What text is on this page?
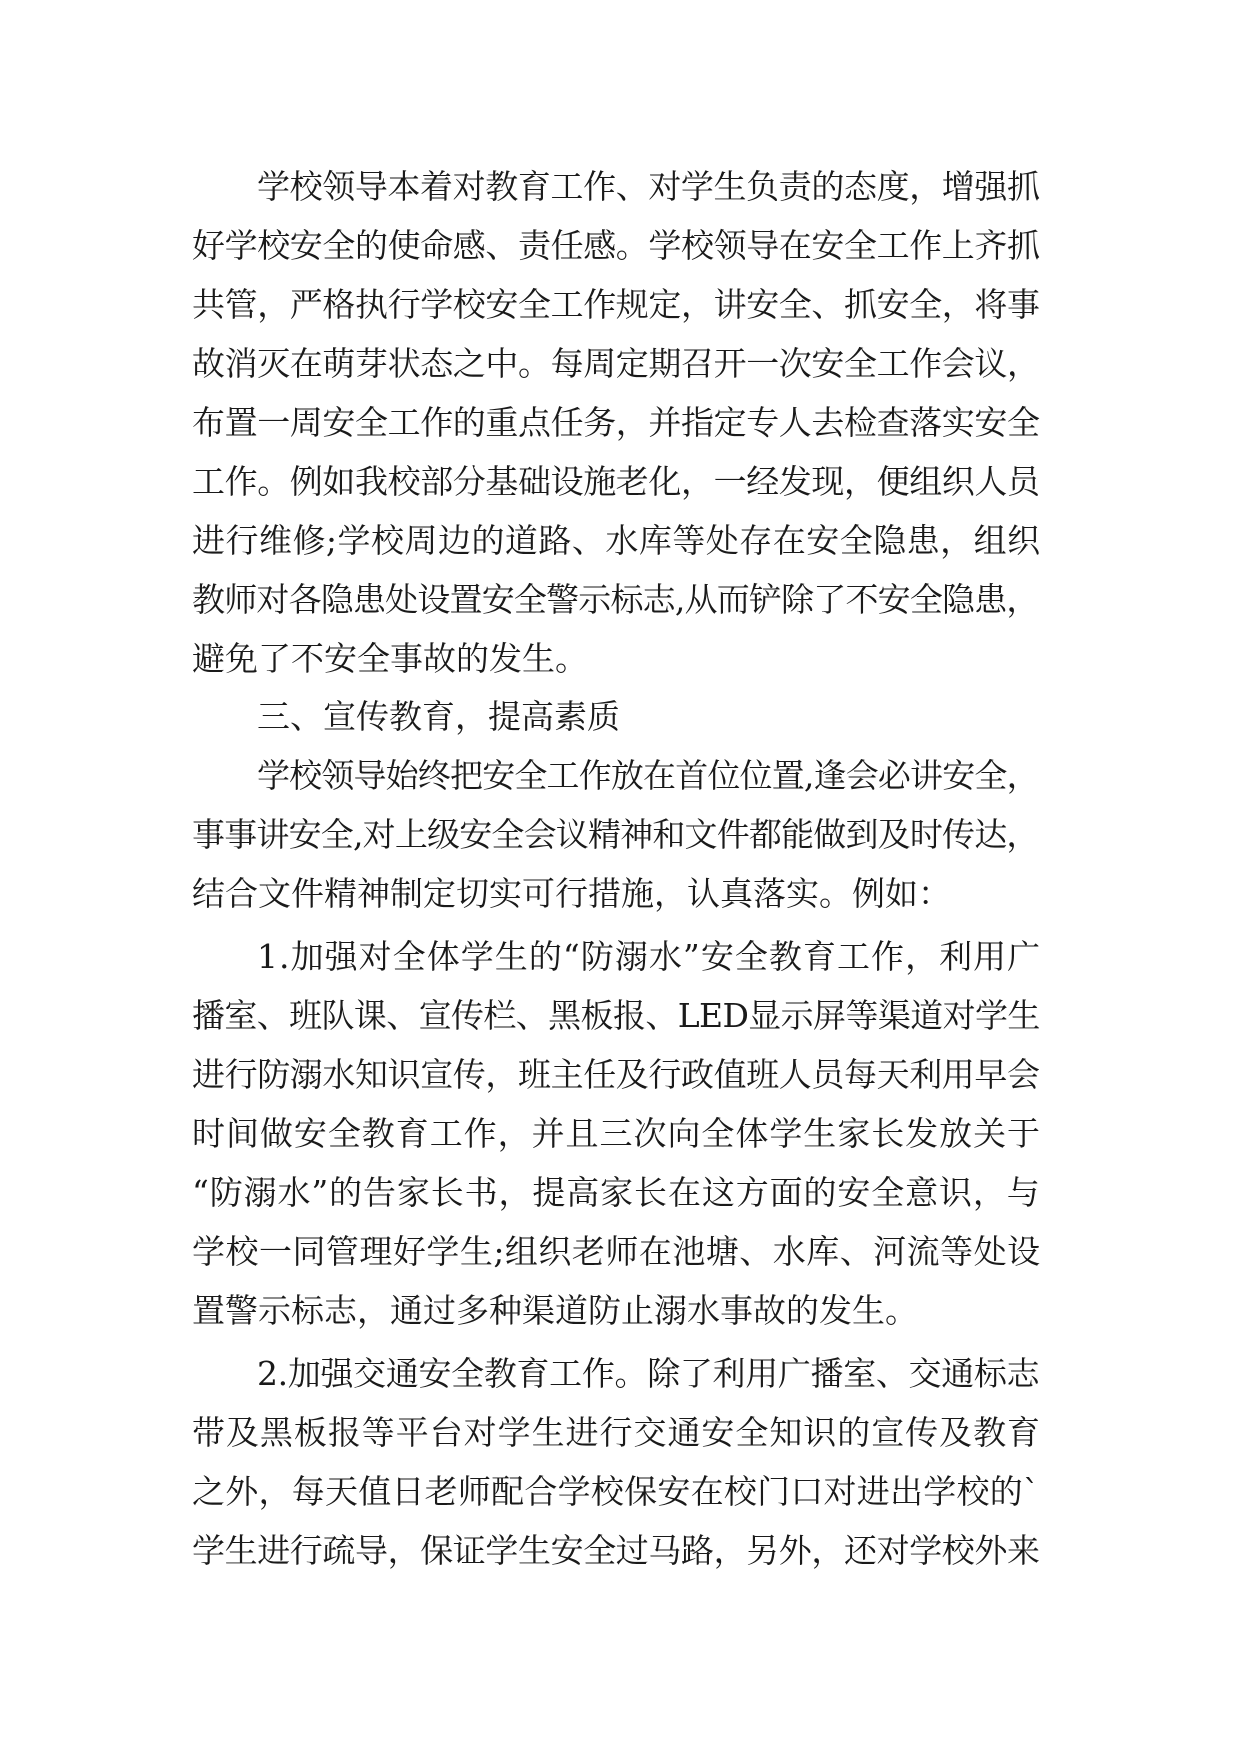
学校领导本着对教育工作、对学生负责的态度，增强抓
好学校安全的使命感、责任感。学校领导在安全工作上齐抓
共管，严格执行学校安全工作规定，讲安全、抓安全，将事
故消灭在萌芽状态之中。每周定期召开一次安全工作会议，
布置一周安全工作的重点任务，并指定专人去检查落实安全
工作。例如我校部分基础设施老化，一经发现，便组织人员
进行维修;学校周边的道路、水库等处存在安全隐患，组织
教师对各隐患处设置安全警示标志,从而铲除了不安全隐患，
避免了不安全事故的发生。
三、宣传教育，提高素质
学校领导始终把安全工作放在首位位置,逢会必讲安全，
事事讲安全,对上级安全会议精神和文件都能做到及时传达，
结合文件精神制定切实可行措施，认真落实。例如：
1.加强对全体学生的“防溺水”安全教育工作，利用广
播室、班队课、宣传栏、黑板报、LED显示屏等渠道对学生
进行防溺水知识宣传，班主任及行政值班人员每天利用早会
时间做安全教育工作，并且三次向全体学生家长发放关于
“防溺水”的告家长书，提高家长在这方面的安全意识，与
学校一同管理好学生;组织老师在池塘、水库、河流等处设
置警示标志，通过多种渠道防止溺水事故的发生。
2.加强交通安全教育工作。除了利用广播室、交通标志
带及黑板报等平台对学生进行交通安全知识的宣传及教育
之外，每天值日老师配合学校保安在校门口对进出学校的`
学生进行疏导，保证学生安全过马路，另外，还对学校外来
